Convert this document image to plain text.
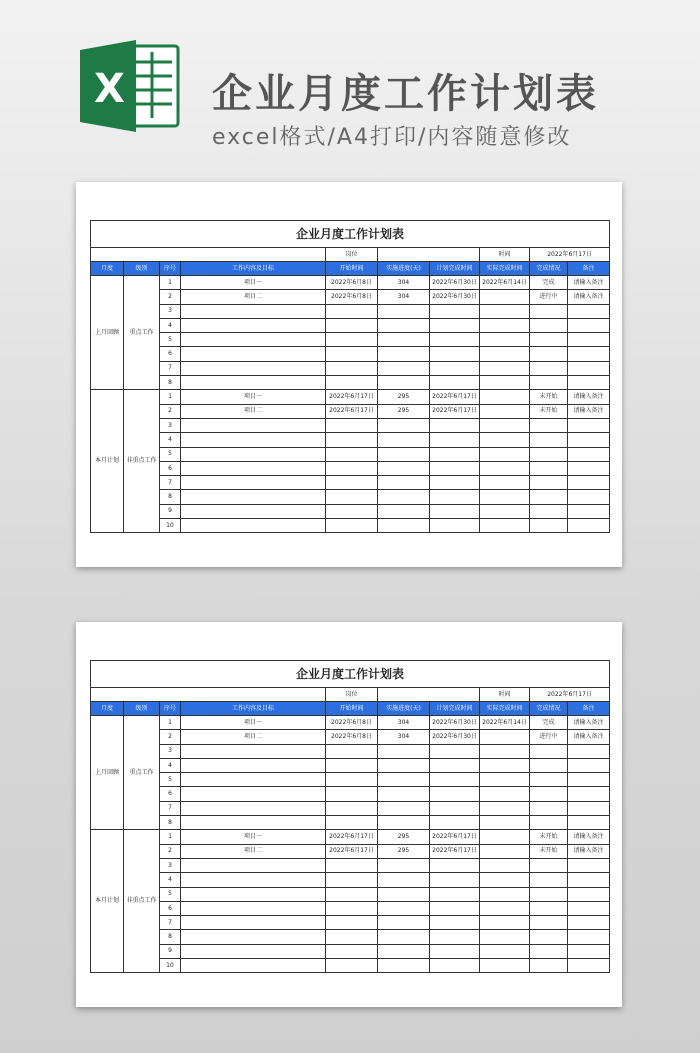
X 企业月度工作计划表
excel格式/A4打印/内容随意修改
企业月度工作计划表									
				岗位			时间	2022年6月17日	
月度	级别	序号	工作内容及目标	开始时间	实施进度(天)	计划完成时间	实际完成时间	完成情况	备注
上月回顾	重点工作	1	项目一	2022年6月8日	304	2022年6月30日	2022年6月14日	完成	请输入备注
		2	项目二	2022年6月8日	304	2022年6月30日		进行中	请输入备注
		3							
		4							
		5							
		6							
		7							
		8							
本月计划	非重点工作	1	项目一	2022年6月17日	295	2022年6月17日		未开始	请输入备注
		2	项目二	2022年6月17日	295	2022年6月17日		未开始	请输入备注
		3							
		4							
		5							
		6							
		7							
		8							
		9							
		10							
企业月度工作计划表									
				岗位			时间	2022年6月17日	
月度	级别	序号	工作内容及目标	开始时间	实施进度(天)	计划完成时间	实际完成时间	完成情况	备注
上月回顾	重点工作	1	项目一	2022年6月8日	304	2022年6月30日	2022年6月14日	完成	请输入备注
		2	项目二	2022年6月8日	304	2022年6月30日		进行中	请输入备注
		3							
		4							
		5							
		6							
		7							
		8							
本月计划	非重点工作	1	项目一	2022年6月17日	295	2022年6月17日		未开始	请输入备注
		2	项目二	2022年6月17日	295	2022年6月17日		未开始	请输入备注
		3							
		4							
		5							
		6							
		7							
		8							
		9							
		10							
